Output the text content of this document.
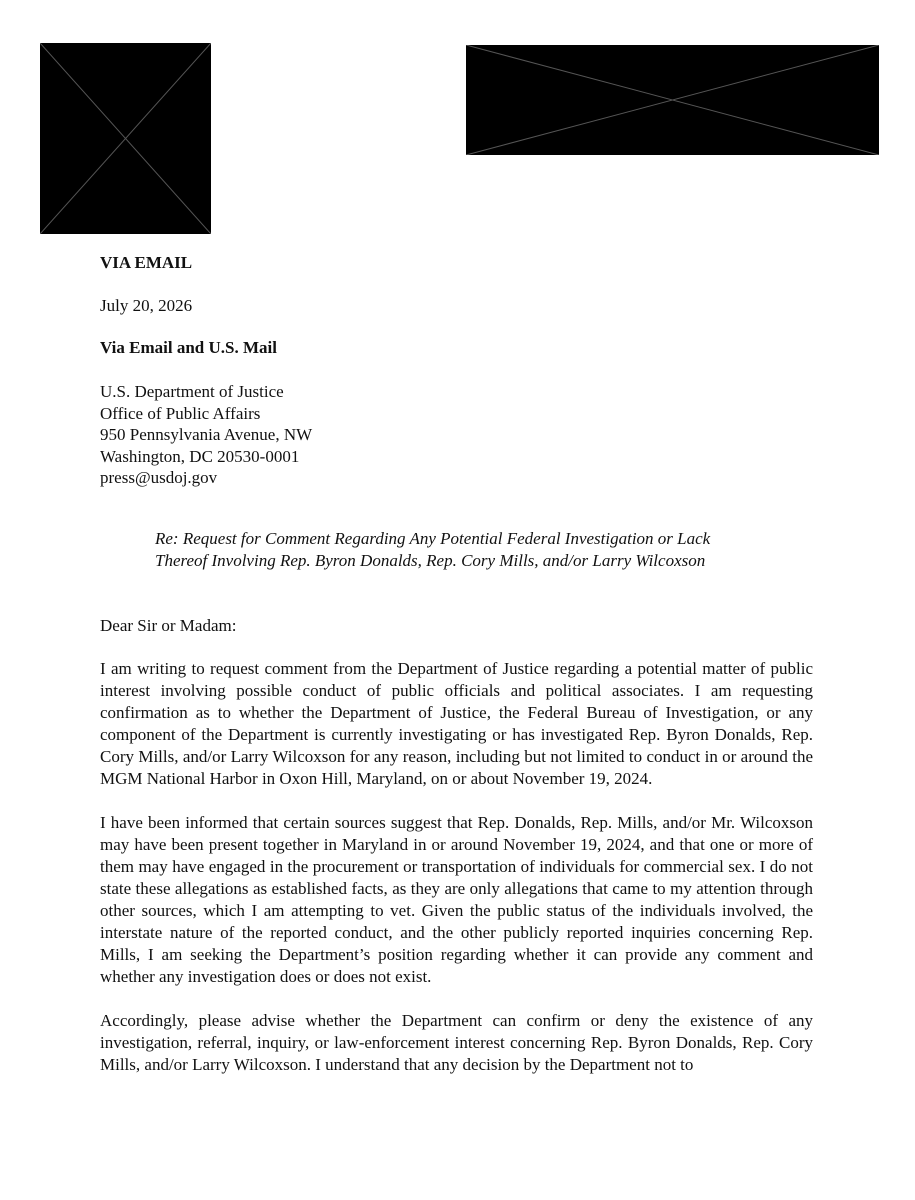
VIA EMAIL

July 20, 2026

Via Email and U.S. Mail

U.S. Department of Justice
Office of Public Affairs
950 Pennsylvania Avenue, NW
Washington, DC 20530-0001
press@usdoj.gov
Re: Request for Comment Regarding Any Potential Federal Investigation or Lack
Thereof Involving Rep. Byron Donalds, Rep. Cory Mills, and/or Larry Wilcoxson

Dear Sir or Madam:

I am writing to request comment from the Department of Justice regarding a potential matter of public interest involving possible conduct of public officials and political associates. I am requesting confirmation as to whether the Department of Justice, the Federal Bureau of Investigation, or any component of the Department is currently investigating or has investigated Rep. Byron Donalds, Rep. Cory Mills, and/or Larry Wilcoxson for any reason, including but not limited to conduct in or around the MGM National Harbor in Oxon Hill, Maryland, on or about November 19, 2024.

I have been informed that certain sources suggest that Rep. Donalds, Rep. Mills, and/or Mr. Wilcoxson may have been present together in Maryland in or around November 19, 2024, and that one or more of them may have engaged in the procurement or transportation of individuals for commercial sex. I do not state these allegations as established facts, as they are only allegations that came to my attention through other sources, which I am attempting to vet. Given the public status of the individuals involved, the interstate nature of the reported conduct, and the other publicly reported inquiries concerning Rep. Mills, I am seeking the Department’s position regarding whether it can provide any comment and whether any investigation does or does not exist.

Accordingly, please advise whether the Department can confirm or deny the existence of any investigation, referral, inquiry, or law-enforcement interest concerning Rep. Byron Donalds, Rep. Cory Mills, and/or Larry Wilcoxson. I understand that any decision by the Department not to
